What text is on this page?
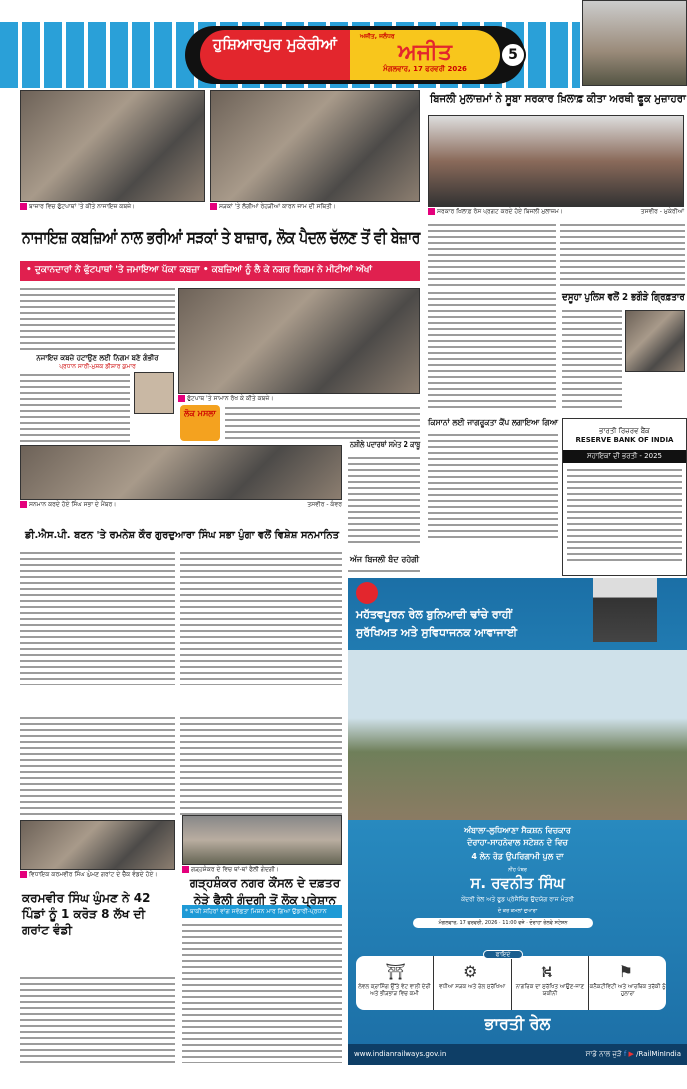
ਹੁਸ਼ਿਆਰਪੁਰ ਮੁਕੇਰੀਆਂ	ਅਜੀਤ, ਜਲੰਧਰ
ਅਜੀਤ
ਮੰਗਲਵਾਰ, 17 ਫਰਵਰੀ 2026
5
ਬਾਜ਼ਾਰ ਵਿਚ ਫੁੱਟਪਾਥਾਂ 'ਤੇ ਕੀਤੇ ਨਾਜਾਇਜ਼ ਕਬਜ਼ੇ।	ਸੜਕਾਂ 'ਤੇ ਲੱਗੀਆਂ ਰੇਹੜੀਆਂ ਕਾਰਨ ਜਾਮ ਦੀ ਸਥਿਤੀ।
ਬਿਜਲੀ ਮੁਲਾਜ਼ਮਾਂ ਨੇ ਸੂਬਾ ਸਰਕਾਰ ਖ਼ਿਲਾਫ਼ ਕੀਤਾ ਅਰਥੀ ਫੂਕ ਮੁਜ਼ਾਹਰਾ
ਸਰਕਾਰ ਖ਼ਿਲਾਫ਼ ਰੋਸ ਪ੍ਰਗਟ ਕਰਦੇ ਹੋਏ ਬਿਜਲੀ ਮੁਲਾਜ਼ਮ।	ਤਸਵੀਰ - ਮੁਕੇਰੀਆਂ
ਨਾਜਾਇਜ਼ ਕਬਜ਼ਿਆਂ ਨਾਲ ਭਰੀਆਂ ਸੜਕਾਂ ਤੇ ਬਾਜ਼ਾਰ, ਲੋਕ ਪੈਦਲ ਚੱਲਣ ਤੋਂ ਵੀ ਬੇਜ਼ਾਰ
• ਦੁਕਾਨਦਾਰਾਂ ਨੇ ਫੁੱਟਪਾਥਾਂ 'ਤੇ ਜਮਾਇਆ ਪੱਕਾ ਕਬਜ਼ਾ • ਕਬਜ਼ਿਆਂ ਨੂੰ ਲੈ ਕੇ ਨਗਰ ਨਿਗਮ ਨੇ ਮੀਟੀਆਂ ਅੱਖਾਂ
ਨਜਾਇਜ਼ ਕਬਜ਼ੇ ਹਟਾਉਣ ਲਈ ਨਿਗਮ ਬਣੇ ਗੰਭੀਰ
ਪ੍ਰਧਾਨ ਸਾਰੀ-ਮੁਸ਼ਕ ਡੀਸ਼ਾਰ ਕੁਮਾਰ
ਫੁੱਟਪਾਥ 'ਤੇ ਸਾਮਾਨ ਰੱਖ ਕੇ ਕੀਤੇ ਕਬਜ਼ੇ।
ਲੋਕ ਮਸਲਾ
ਦਸੂਹਾ ਪੁਲਿਸ ਵਲੋਂ 2 ਭਗੌੜੇ ਗ੍ਰਿਫ਼ਤਾਰ
ਨਸ਼ੀਲੇ ਪਦਾਰਥਾਂ ਸਮੇਤ 2 ਕਾਬੂ
ਕਿਸਾਨਾਂ ਲਈ ਜਾਗਰੂਕਤਾ ਕੈਂਪ ਲਗਾਇਆ ਗਿਆ
ਅੱਜ ਬਿਜਲੀ ਬੰਦ ਰਹੇਗੀ
ਭਾਰਤੀ ਰਿਜ਼ਰਵ ਬੈਂਕ
RESERVE BANK OF INDIA
ਸਹਾਇਕਾਂ ਦੀ ਭਰਤੀ - 2025
ਸਨਮਾਨ ਕਰਦੇ ਹੋਏ ਸਿੰਘ ਸਭਾ ਦੇ ਮੈਂਬਰ।	ਤਸਵੀਰ - ਕੰਵਰ
ਡੀ.ਐਸ.ਪੀ. ਬਣਨ 'ਤੇ ਰਮਨੇਸ਼ ਕੌਰ ਗੁਰਦੁਆਰਾ ਸਿੰਘ ਸਭਾ ਪੁੰਗਾ ਵਲੋਂ ਵਿਸ਼ੇਸ਼ ਸਨਮਾਨਿਤ
ਵਿਧਾਇਕ ਕਰਮਵੀਰ ਸਿੰਘ ਘੁੰਮਣ ਗਰਾਂਟ ਦੇ ਚੈੱਕ ਵੰਡਦੇ ਹੋਏ।
ਕਰਮਵੀਰ ਸਿੰਘ ਘੁੰਮਣ ਨੇ 42 ਪਿੰਡਾਂ ਨੂੰ 1 ਕਰੋੜ 8 ਲੱਖ ਦੀ ਗਰਾਂਟ ਵੰਡੀ
ਗੜ੍ਹਸ਼ੰਕਰ ਦੇ ਵਿਚ ਥਾਂ-ਥਾਂ ਫੈਲੀ ਗੰਦਗੀ।
ਗੜ੍ਹਸ਼ੰਕਰ ਨਗਰ ਕੌਂਸਲ ਦੇ ਦਫ਼ਤਰ ਨੇੜੇ ਫੈਲੀ ਗੰਦਗੀ ਤੋਂ ਲੋਕ ਪ੍ਰੇਸ਼ਾਨ
* ਬਾਕੀ ਸ਼ਹਿਰਾਂ ਵਾਂਗ ਸਵੱਛਤਾ ਮਿਸ਼ਨ ਮਾਰ ਗਿਆ ਉਡਾਰੀ-ਪ੍ਰਧਾਨ
ਮਹੱਤਵਪੂਰਨ ਰੇਲ ਬੁਨਿਆਦੀ ਢਾਂਚੇ ਰਾਹੀਂ
ਸੁਰੱਖਿਅਤ ਅਤੇ ਸੁਵਿਧਾਜਨਕ ਆਵਾਜਾਈ
ਅੰਬਾਲਾ-ਲੁਧਿਆਣਾ ਸੈਕਸ਼ਨ ਵਿਚਕਾਰ
ਦੋਰਾਹਾ-ਸਾਹਨੇਵਾਲ ਸਟੇਸ਼ਨ ਦੇ ਵਿਚ
4 ਲੇਨ ਰੋਡ ਉਪਰਿਗਾਮੀ ਪੁਲ ਦਾ
ਨੀਂਹ ਪੱਥਰ
ਸ. ਰਵਨੀਤ ਸਿੰਘ
ਕੇਂਦਰੀ ਰੇਲ ਅਤੇ ਫੂਡ ਪ੍ਰੋਸੈਸਿੰਗ ਉਦਯੋਗ ਰਾਜ ਮੰਤਰੀ
ਦੇ ਕਰ ਕਮਲਾਂ ਦੁਆਰਾ
ਮੰਗਲਵਾਰ, 17 ਫਰਵਰੀ, 2026 · 11:00 ਵਜੇ · ਦੋਰਾਹਾ ਰੇਲਵੇ ਸਟੇਸ਼ਨ
ਫਾਇਦੇ
⛩
ਲੇਵਲ ਕ੍ਰਾਸਿੰਗ ਉੱਤੇ ਵੇਟ ਵਾਲੀ ਦੇਰੀ ਅਤੇ ਭੀੜਭਾੜ ਵਿਚ ਕਮੀ
⚙
ਵਧੀਆ ਸੜਕ ਅਤੇ ਰੇਲ ਸੁਰੱਖਿਆ
⛕
ਨਾਗਰਿਕ ਦਾ ਸੁਰੱਖਿਤ ਆਉਣ-ਜਾਣ ਯਕੀਨੀ
⚑
ਕਨੈਕਟੀਵਿਟੀ ਅਤੇ ਆਰਥਿਕ ਤਰੱਕੀ ਨੂੰ ਹੁਲਾਰਾ
ਭਾਰਤੀ ਰੇਲ
www.indianrailways.gov.in	ਸਾਡੇ ਨਾਲ ਜੁੜੋ f ▶ /RailMinIndia
